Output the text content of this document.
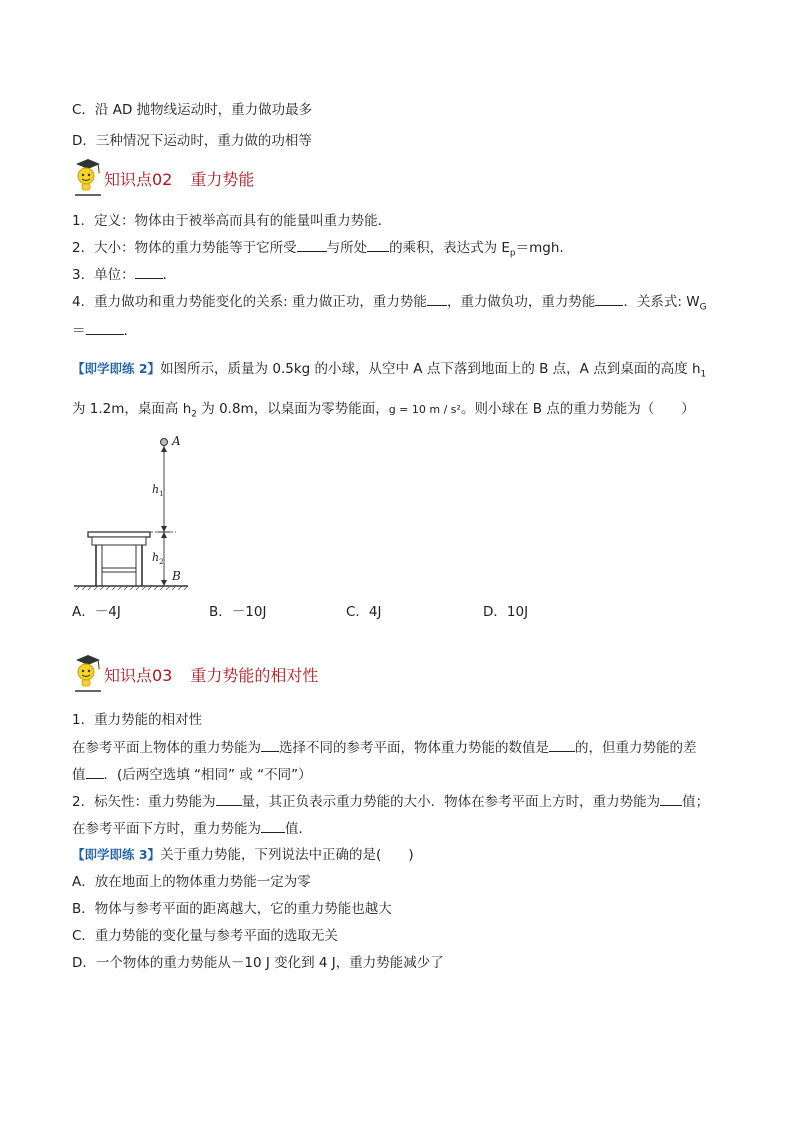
C．沿 AD 抛物线运动时，重力做功最多
D．三种情况下运动时，重力做的功相等
知识点02 重力势能
1．定义：物体由于被举高而具有的能量叫重力势能．
2．大小：物体的重力势能等于它所受 与所处 的乘积，表达式为 $E_p=mgh$.
3．单位： ．
4．重力做功和重力势能变化的关系: 重力做正功，重力势能 ，重力做负功，重力势能 ．关系式: $W_G$
＝	.
【即学即练 2】如图所示，质量为 0.5kg 的小球，从空中 A 点下落到地面上的 B 点，A 点到桌面的高度 $h_1$
为 1.2m，桌面高 $h_2$ 为 0.8m，以桌面为零势能面，g = 10 m / s²。则小球在 B 点的重力势能为（　　）
A
B
$h_1$
$h_2$
A．－4J	B．－10J	C．4J	D．10J
知识点03 重力势能的相对性
1．重力势能的相对性
在参考平面上物体的重力势能为 选择不同的参考平面，物体重力势能的数值是 的，但重力势能的差
值 ．(后两空选填 “相同” 或 “不同”）
2．标矢性：重力势能为 量，其正负表示重力势能的大小．物体在参考平面上方时，重力势能为 值；
在参考平面下方时，重力势能为 值．
【即学即练 3】关于重力势能，下列说法中正确的是(　　)
A．放在地面上的物体重力势能一定为零
B．物体与参考平面的距离越大，它的重力势能也越大
C．重力势能的变化量与参考平面的选取无关
D．一个物体的重力势能从－10 J 变化到 4 J，重力势能减少了
